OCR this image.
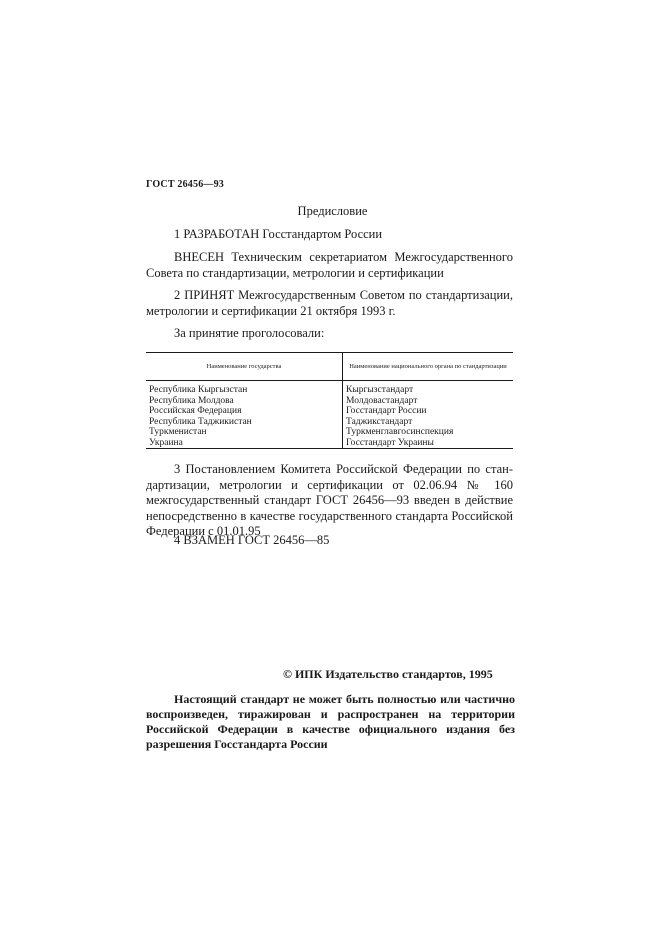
ГОСТ 26456—93
Предисловие
1 РАЗРАБОТАН Госстандартом России
ВНЕСЕН Техническим секретариатом Межгосударственного
Совета по стандартизации, метрологии и сертификации
2 ПРИНЯТ Межгосударственным Советом по стандартизации,
метрологии и сертификации 21 октября 1993 г.
За принятие проголосовали:
Наименование государства	Наименование национального органа по стандартизации
Республика Кыргызстан	Кыргызстандарт
Республика Молдова	Молдовастандарт
Российская Федерация	Госстандарт России
Республика Таджикистан	Таджикстандарт
Туркменистан	Туркменглавгосинспекция
Украина	Госстандарт Украины
3 Постановлением Комитета Российской Федерации по стан-
дартизации, метрологии и сертификации от 02.06.94 № 160
межгосударственный стандарт ГОСТ 26456—93 введен в действие
непосредственно в качестве государственного стандарта Российской
Федерации с 01.01.95
4 ВЗАМЕН ГОСТ 26456—85
© ИПК Издательство стандартов, 1995
Настоящий стандарт не может быть полностью или частично
воспроизведен, тиражирован и распространен на территории
Российской Федерации в качестве официального издания без
разрешения Госстандарта России
